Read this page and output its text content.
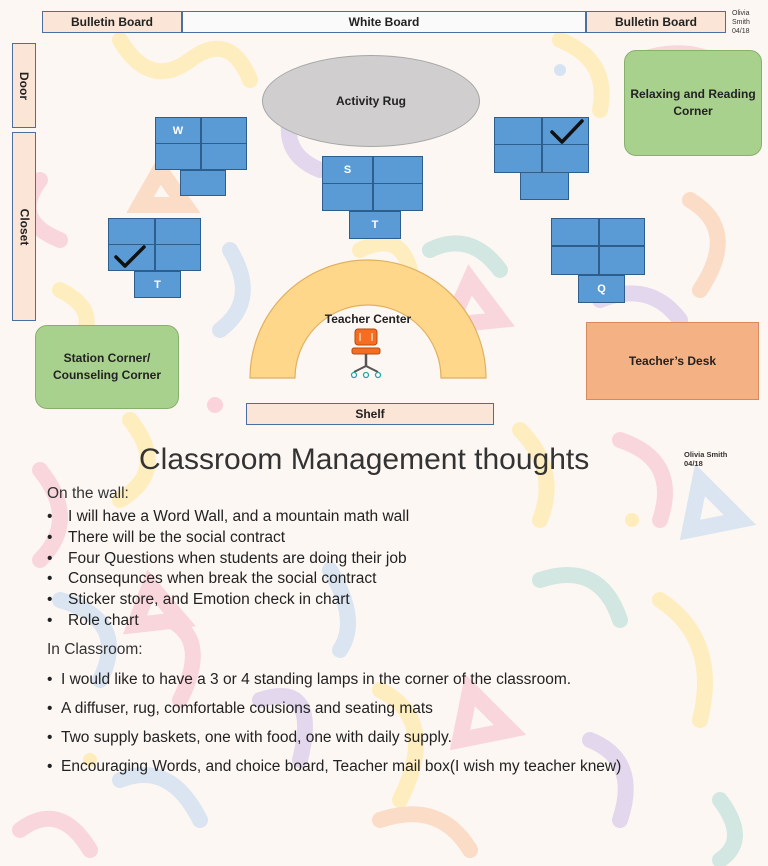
Bulletin Board	White Board	Bulletin Board
Olivia Smith
04/18
Door
Closet
Activity Rug	Relaxing and Reading Corner
Station Corner/ Counseling Corner
Teacher’s Desk
Teacher Center
Shelf
W
S
T
T	Q
Classroom Management thoughts	Olivia Smith
04/18
On the wall:
• I will have a Word Wall, and a mountain math wall
• There will be the social contract
• Four Questions when students are doing their job
• Consequnces when break the social contract
• Sticker store, and Emotion check in chart
• Role chart
In Classroom:
• I would like to have a 3 or 4 standing lamps in the corner of the classroom.
• A diffuser, rug, comfortable cousions and seating mats
• Two supply baskets, one with food, one with daily supply.
• Encouraging Words, and choice board, Teacher mail box(I wish my teacher knew)
